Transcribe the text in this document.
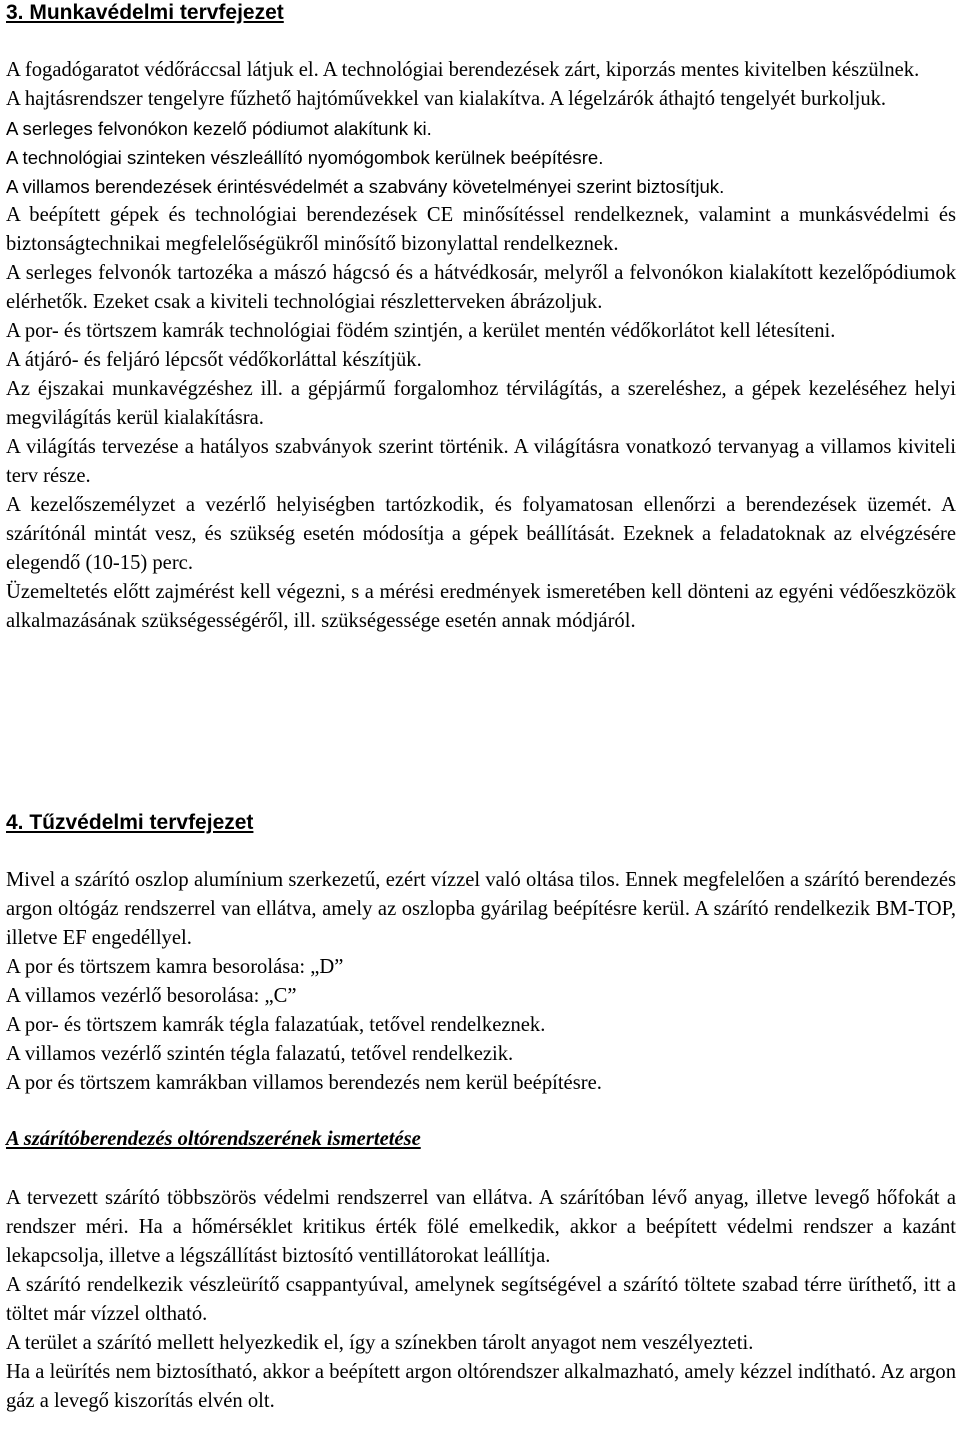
3. Munkavédelmi tervfejezet

A fogadógaratot védőráccsal látjuk el. A technológiai berendezések zárt, kiporzás mentes kivitelben készülnek.

A hajtásrendszer tengelyre fűzhető hajtóművekkel van kialakítva. A légelzárók áthajtó tengelyét burkoljuk.

A serleges felvonókon kezelő pódiumot alakítunk ki.

A technológiai szinteken vészleállító nyomógombok kerülnek beépítésre.

A villamos berendezések érintésvédelmét a szabvány követelményei szerint biztosítjuk.

A beépített gépek és technológiai berendezések CE minősítéssel rendelkeznek, valamint a munkásvédelmi és biztonságtechnikai megfelelőségükről minősítő bizonylattal rendelkeznek.

A serleges felvonók tartozéka a mászó hágcsó és a hátvédkosár, melyről a felvonókon kialakított kezelőpódiumok elérhetők. Ezeket csak a kiviteli technológiai részletterveken ábrázoljuk.

A por- és törtszem kamrák technológiai födém szintjén, a kerület mentén védőkorlátot kell létesíteni.

A átjáró- és feljáró lépcsőt védőkorláttal készítjük.

Az éjszakai munkavégzéshez ill. a gépjármű forgalomhoz térvilágítás, a szereléshez, a gépek kezeléséhez helyi megvilágítás kerül kialakításra.

A világítás tervezése a hatályos szabványok szerint történik. A világításra vonatkozó tervanyag a villamos kiviteli terv része.

A kezelőszemélyzet a vezérlő helyiségben tartózkodik, és folyamatosan ellenőrzi a berendezések üzemét. A szárítónál mintát vesz, és szükség esetén módosítja a gépek beállítását. Ezeknek a feladatoknak az elvégzésére elegendő (10-15) perc.

Üzemeltetés előtt zajmérést kell végezni, s a mérési eredmények ismeretében kell dönteni az egyéni védőeszközök alkalmazásának szükségességéről, ill. szükségessége esetén annak módjáról.

4. Tűzvédelmi tervfejezet

Mivel a szárító oszlop alumínium szerkezetű, ezért vízzel való oltása tilos. Ennek megfelelően a szárító berendezés argon oltógáz rendszerrel van ellátva, amely az oszlopba gyárilag beépítésre kerül. A szárító rendelkezik BM-TOP, illetve EF engedéllyel.

A por és törtszem kamra besorolása: „D”

A villamos vezérlő besorolása: „C”

A por- és törtszem kamrák tégla falazatúak, tetővel rendelkeznek.

A villamos vezérlő szintén tégla falazatú, tetővel rendelkezik.

A por és törtszem kamrákban villamos berendezés nem kerül beépítésre.

A szárítóberendezés oltórendszerének ismertetése

A tervezett szárító többszörös védelmi rendszerrel van ellátva. A szárítóban lévő anyag, illetve levegő hőfokát a rendszer méri. Ha a hőmérséklet kritikus érték fölé emelkedik, akkor a beépített védelmi rendszer a kazánt lekapcsolja, illetve a légszállítást biztosító ventillátorokat leállítja.

A szárító rendelkezik vészleürítő csappantyúval, amelynek segítségével a szárító töltete szabad térre üríthető, itt a töltet már vízzel oltható.

A terület a szárító mellett helyezkedik el, így a színekben tárolt anyagot nem veszélyezteti.

Ha a leürítés nem biztosítható, akkor a beépített argon oltórendszer alkalmazható, amely kézzel indítható. Az argon gáz a levegő kiszorítás elvén olt.
